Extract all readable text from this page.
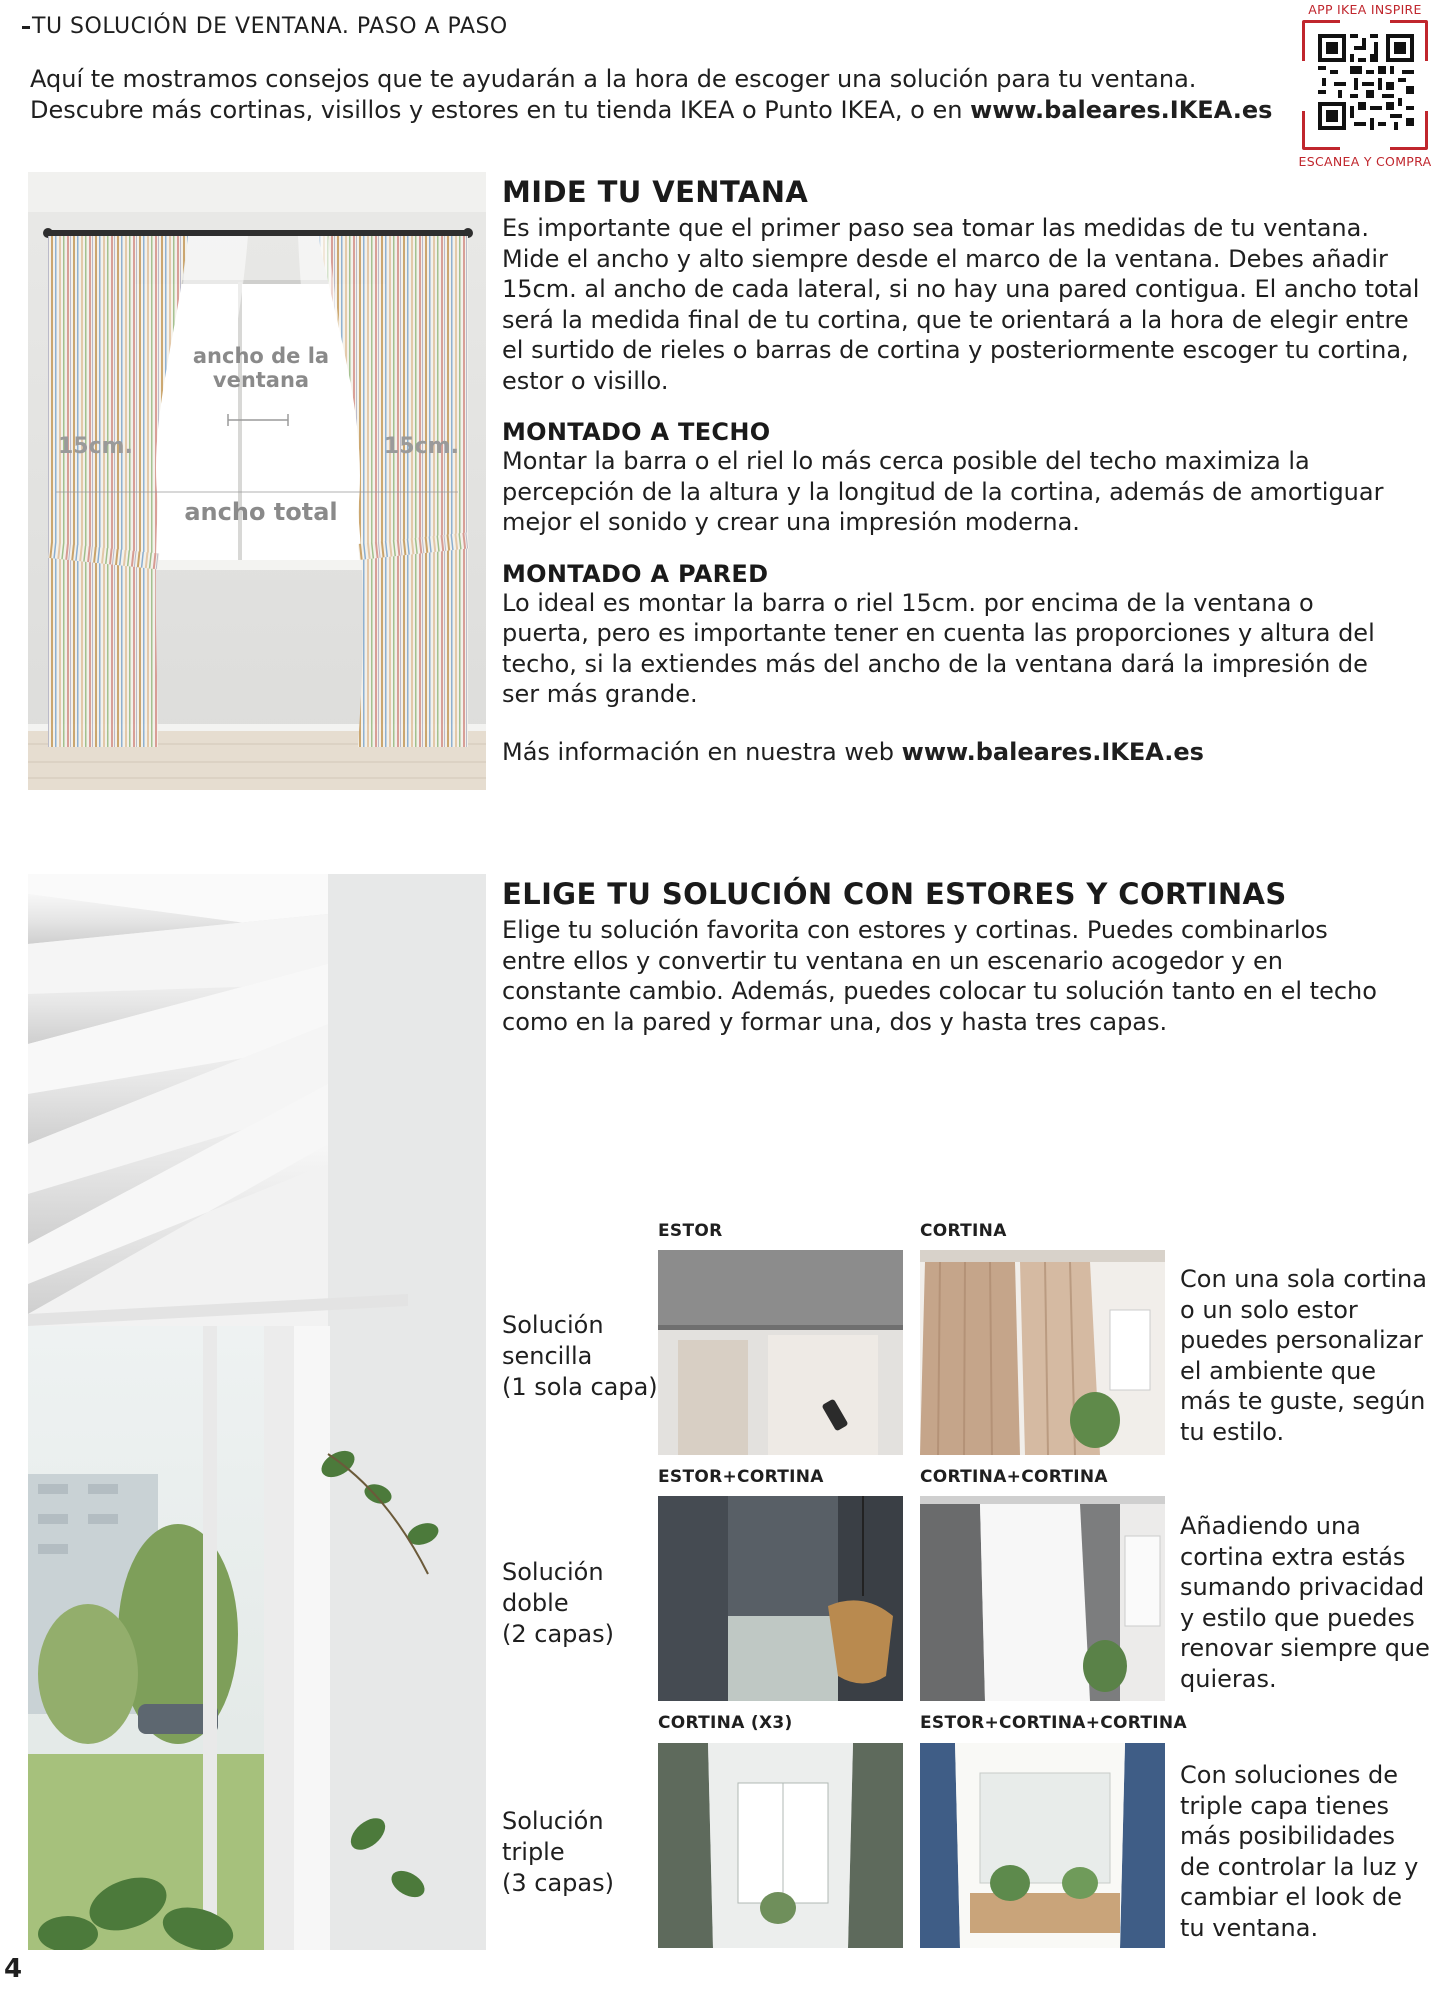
TU SOLUCIÓN DE VENTANA. PASO A PASO
Aquí te mostramos consejos que te ayudarán a la hora de escoger una solución para tu ventana.
Descubre más cortinas, visillos y estores en tu tienda IKEA o Punto IKEA, o en www.baleares.IKEA.es
APP IKEA INSPIRE
ESCANEA Y COMPRA
ancho de la ventana
15cm.	15cm.
ancho total
MIDE TU VENTANA
Es importante que el primer paso sea tomar las medidas de tu ventana. Mide el ancho y alto siempre desde el marco de la ventana. Debes añadir 15cm. al ancho de cada lateral, si no hay una pared contigua. El ancho total será la medida final de tu cortina, que te orientará a la hora de elegir entre el surtido de rieles o barras de cortina y posteriormente escoger tu cortina, estor o visillo.
MONTADO A TECHO
Montar la barra o el riel lo más cerca posible del techo maximiza la percepción de la altura y la longitud de la cortina, además de amortiguar mejor el sonido y crear una impresión moderna.
MONTADO A PARED
Lo ideal es montar la barra o riel 15cm. por encima de la ventana o puerta, pero es importante tener en cuenta las proporciones y altura del techo, si la extiendes más del ancho de la ventana dará la impresión de ser más grande.
Más información en nuestra web www.baleares.IKEA.es
ELIGE TU SOLUCIÓN CON ESTORES Y CORTINAS
Elige tu solución favorita con estores y cortinas. Puedes combinarlos entre ellos y convertir tu ventana en un escenario acogedor y en constante cambio. Además, puedes colocar tu solución tanto en el techo como en la pared y formar una, dos y hasta tres capas.
ESTOR	CORTINA
Solución
sencilla
(1 sola capa)
Con una sola cortina o un solo estor puedes personalizar el ambiente que más te guste, según tu estilo.
ESTOR+CORTINA	CORTINA+CORTINA
Solución
doble
(2 capas)
Añadiendo una cortina extra estás sumando privacidad y estilo que puedes renovar siempre que quieras.
CORTINA (X3)	ESTOR+CORTINA+CORTINA
Solución
triple
(3 capas)
Con soluciones de triple capa tienes más posibilidades de controlar la luz y cambiar el look de tu ventana.
4
